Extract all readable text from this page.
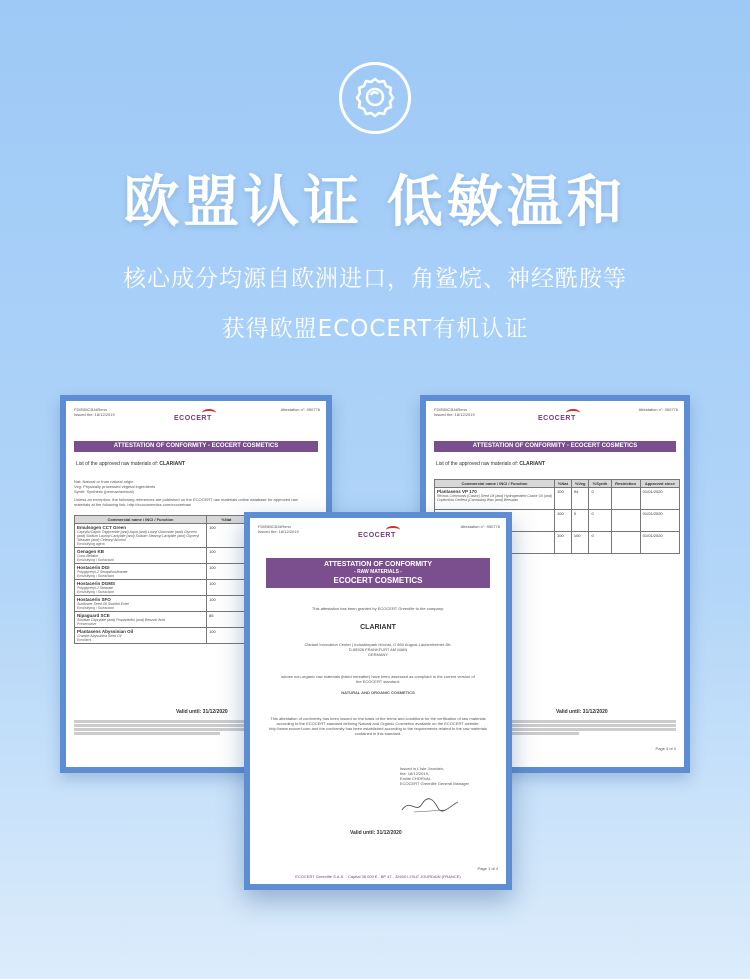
欧盟认证 低敏温和
核心成分均源自欧洲进口，角鲨烷、神经酰胺等
获得欧盟ECOCERT有机认证
FDIE85CBJdRenn
Issued the: 18/12/2019
ECOCERT
Attestation n°: 950776
ATTESTATION OF CONFORMITY - ECOCERT COSMETICS
List of the approved raw materials of: CLARIANT
Nat: Natural or from natural origin
Veg: Physically processed vegetal ingredients
Synth: Synthetic (permachemical)
Unless an exception, the following references are published on the ECOCERT raw materials online database for approved raw materials at the following link: http://ecocosmetics.com/ecocertraw
Commercial name / INCI / Function	%Nat		

Emulsogen CCT Green
Caprylic/Capric Triglyceride (and) Aqua (and) Lauryl Glucoside (and) Glycerin (and) Sodium Lauroyl Lactylate (and) Sodium Stearoyl Lactylate (and) Glyceryl Stearate (and) Cetearyl Alcohol
Emulsifying agent	100		

Genagen KB
Coco-Betaine
Emulsifying / Surfactant	100		

Hostacerin DGI
Polyglyceryl-2 Sesquiisostearate
Emulsifying / Surfactant	100		

Hostacerin DGMS
Polyglyceryl-2 Stearate
Emulsifying / Surfactant	100		

Hostacerin SFO
Sunflower Seed Oil Sorbitol Ester
Emulsifying / Surfactant	100		

Nipaguard SCE
Sorbitan Caprylate (and) Propanediol (and) Benzoic Acid
Preservative	85		

Plantasens Abyssinian Oil
Crambe Abyssinica Seed Oil
Emollient	100		
Valid until: 31/12/2020
FDIE85CBJdRenn
Issued the: 18/12/2019
ECOCERT
Attestation n°: 950776
ATTESTATION OF CONFORMITY - ECOCERT COSMETICS
List of the approved raw materials of: CLARIANT
Commercial name / INCI / Function	%Nat	%Veg	%Synth	Restriction	Approved since

Plantasens VP 170
Ricinus Communis (Castor) Seed Oil (and) Hydrogenated Castor Oil (and) Copernicia Cerifera (Carnauba) Wax (and) Beeswax	100	94	0		01/01/2020

	100	0	0		01/01/2020

	100	100	0		01/01/2020
Valid until: 31/12/2020
Page 4 of 4
FDIE85CBJdRenn
Issued the: 18/12/2019
ECOCERT
Attestation n°: 950776
ATTESTATION OF CONFORMITY
- RAW MATERIALS -
ECOCERT COSMETICS
This attestation has been granted by ECOCERT Greenlife to the company:
CLARIANT
Clariant Innovation Center | Industriepark Höchst, G 860 August-Laubenheimer-Str.
D-65926 FRANKFURT AM MAIN
GERMANY
whose non-organic raw materials (listed hereafter) have been assessed as compliant to the current version of the ECOCERT standard:
NATURAL AND ORGANIC COSMETICS
This attestation of conformity has been issued on the basis of the terms and conditions for the verification of raw materials according to the ECOCERT standard defining Natural and Organic Cosmetics available on the ECOCERT website: http://www.ecocert.com and the conformity has been established according to the requirements related to the raw materials contained in this standard.
Issued in L'Isle Jourdain,
the: 18/12/2019,
Emilie CHORVAL
ECOCERT Greenlife General Manager
Valid until: 31/12/2020
Page 1 of 4
ECOCERT Greenlife S.A.S. - Capital 38 000 € - BP 47 - 32600 L'ISLE JOURDAIN (FRANCE)
